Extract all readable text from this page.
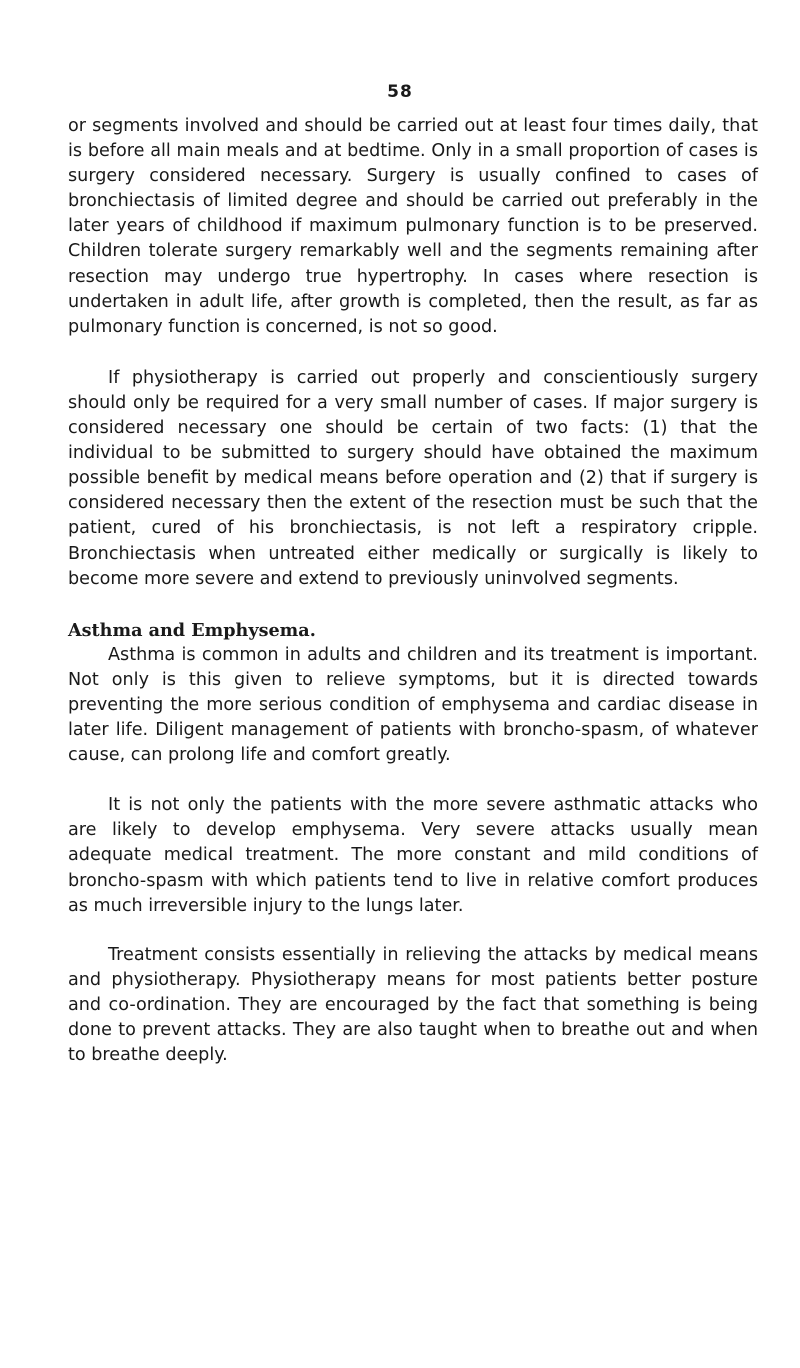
58

or segments involved and should be carried out at least four times daily, that is before all main meals and at bedtime. Only in a small proportion of cases is surgery considered necessary. Surgery is usually confined to cases of bronchiectasis of limited degree and should be carried out preferably in the later years of childhood if maximum pulmonary function is to be preserved. Children tolerate surgery remarkably well and the segments remaining after resection may undergo true hypertrophy. In cases where resection is undertaken in adult life, after growth is completed, then the result, as far as pulmonary function is concerned, is not so good.

If physiotherapy is carried out properly and conscientiously surgery should only be required for a very small number of cases. If major surgery is considered necessary one should be certain of two facts: (1) that the individual to be submitted to surgery should have obtained the maximum possible benefit by medical means before operation and (2) that if surgery is considered necessary then the extent of the resection must be such that the patient, cured of his bronchiectasis, is not left a respiratory cripple. Bronchiectasis when untreated either medically or surgically is likely to become more severe and extend to previously uninvolved segments.

Asthma and Emphysema.

Asthma is common in adults and children and its treatment is important. Not only is this given to relieve symptoms, but it is directed towards preventing the more serious condition of emphysema and cardiac disease in later life. Diligent management of patients with broncho-spasm, of whatever cause, can prolong life and comfort greatly.

It is not only the patients with the more severe asthmatic attacks who are likely to develop emphysema. Very severe attacks usually mean adequate medical treatment. The more constant and mild conditions of broncho-spasm with which patients tend to live in relative comfort produces as much irreversible injury to the lungs later.

Treatment consists essentially in relieving the attacks by medical means and physiotherapy. Physiotherapy means for most patients better posture and co-ordination. They are encouraged by the fact that something is being done to prevent attacks. They are also taught when to breathe out and when to breathe deeply.
